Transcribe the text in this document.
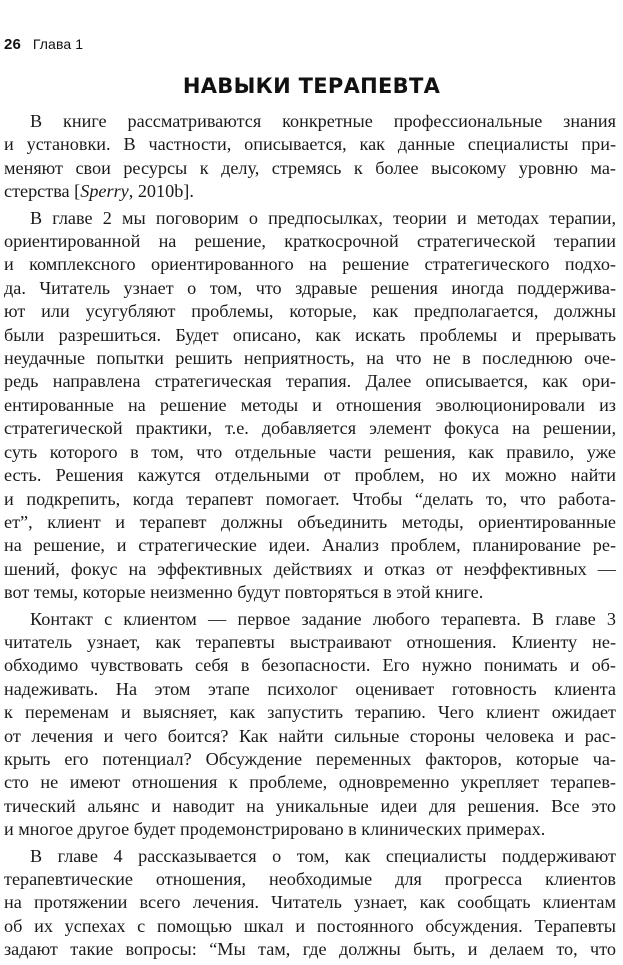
26 Глава 1
НАВЫКИ ТЕРАПЕВТА
В книге рассматриваются конкретные профессиональные знания
и установки. В частности, описывается, как данные специалисты при-
меняют свои ресурсы к делу, стремясь к более высокому уровню ма-
стерства [Sperry, 2010b].
В главе 2 мы поговорим о предпосылках, теории и методах терапии,
ориентированной на решение, краткосрочной стратегической терапии
и комплексного ориентированного на решение стратегического подхо-
да. Читатель узнает о том, что здравые решения иногда поддержива-
ют или усугубляют проблемы, которые, как предполагается, должны
были разрешиться. Будет описано, как искать проблемы и прерывать
неудачные попытки решить неприятность, на что не в последнюю оче-
редь направлена стратегическая терапия. Далее описывается, как ори-
ентированные на решение методы и отношения эволюционировали из
стратегической практики, т.е. добавляется элемент фокуса на решении,
суть которого в том, что отдельные части решения, как правило, уже
есть. Решения кажутся отдельными от проблем, но их можно найти
и подкрепить, когда терапевт помогает. Чтобы “делать то, что работа-
ет”, клиент и терапевт должны объединить методы, ориентированные
на решение, и стратегические идеи. Анализ проблем, планирование ре-
шений, фокус на эффективных действиях и отказ от неэффективных —
вот темы, которые неизменно будут повторяться в этой книге.
Контакт с клиентом — первое задание любого терапевта. В главе 3
читатель узнает, как терапевты выстраивают отношения. Клиенту не-
обходимо чувствовать себя в безопасности. Его нужно понимать и об-
надеживать. На этом этапе психолог оценивает готовность клиента
к переменам и выясняет, как запустить терапию. Чего клиент ожидает
от лечения и чего боится? Как найти сильные стороны человека и рас-
крыть его потенциал? Обсуждение переменных факторов, которые ча-
сто не имеют отношения к проблеме, одновременно укрепляет терапев-
тический альянс и наводит на уникальные идеи для решения. Все это
и многое другое будет продемонстрировано в клинических примерах.
В главе 4 рассказывается о том, как специалисты поддерживают
терапевтические отношения, необходимые для прогресса клиентов
на протяжении всего лечения. Читатель узнает, как сообщать клиентам
об их успехах с помощью шкал и постоянного обсуждения. Терапевты
задают такие вопросы: “Мы там, где должны быть, и делаем то, что
